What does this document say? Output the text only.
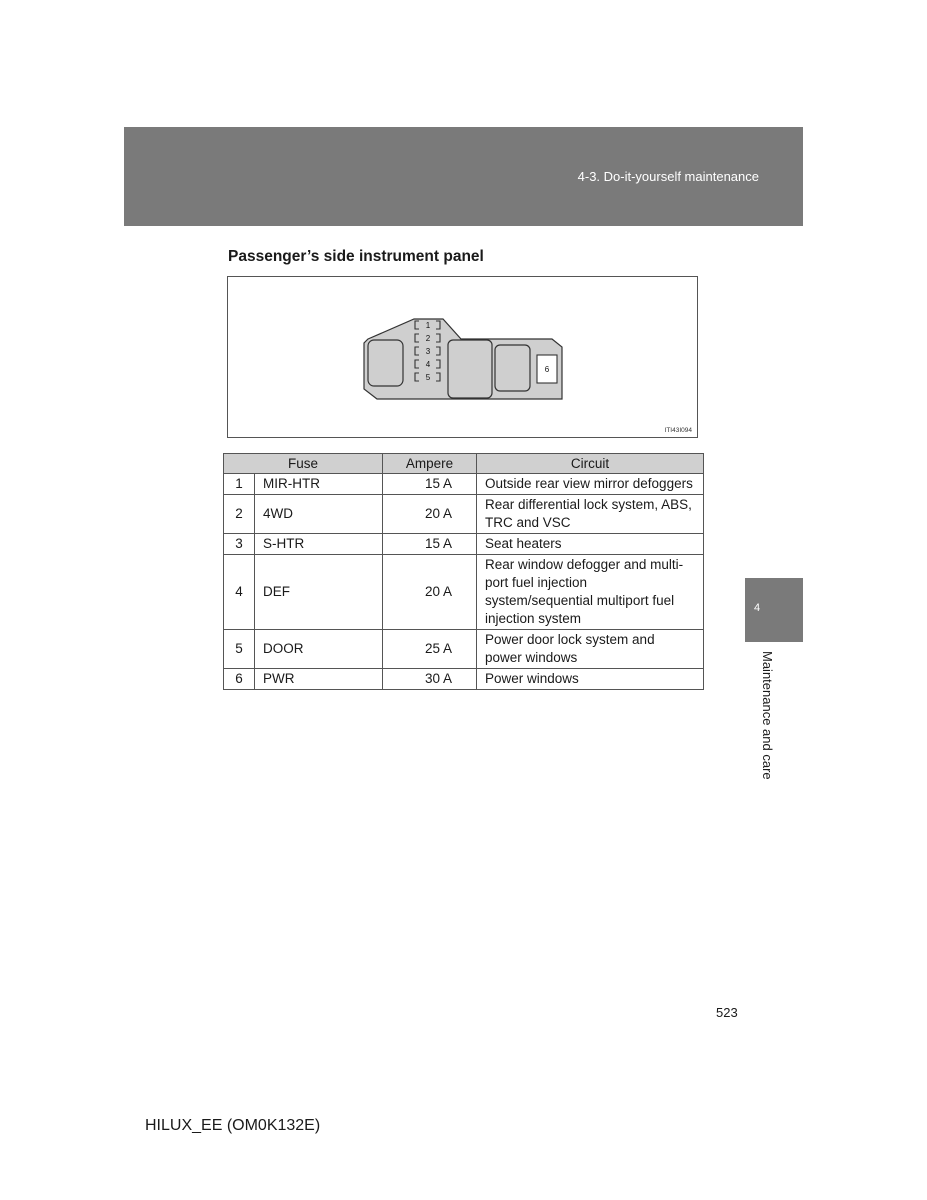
4-3. Do-it-yourself maintenance
4
Maintenance and care
Passenger’s side instrument panel
1
2
3
4
5
6
ITI43I094
Fuse		Ampere	Circuit
1	MIR-HTR	15 A	Outside rear view mirror defoggers
2	4WD	20 A	Rear differential lock system, ABS, TRC and VSC
3	S-HTR	15 A	Seat heaters
4	DEF	20 A	Rear window defogger and multi-port fuel injection system/sequential multiport fuel injection system
5	DOOR	25 A	Power door lock system and power windows
6	PWR	30 A	Power windows
523
HILUX_EE (OM0K132E)
